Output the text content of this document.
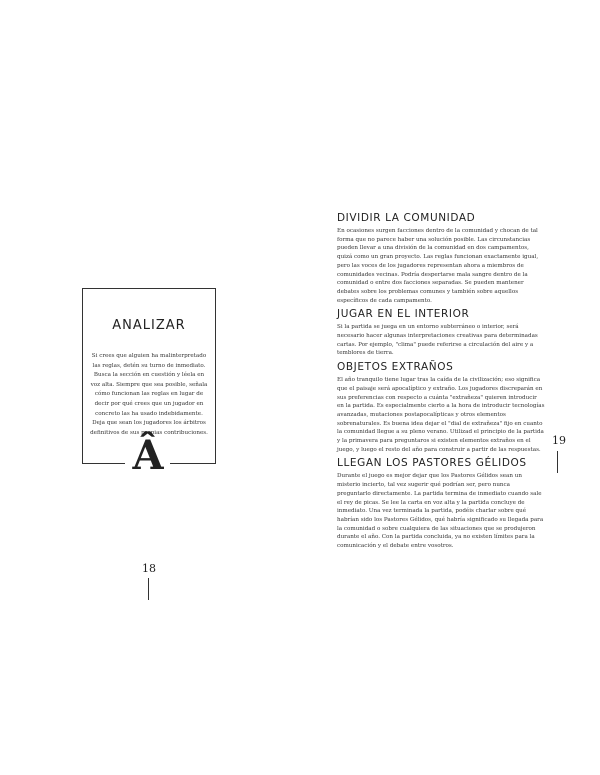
ANALIZAR
Si crees que alguien ha malinterpretado las reglas, detén su turno de inmediato. Busca la sección en cuestión y léela en voz alta. Siempre que sea posible, señala cómo funcionan las reglas en lugar de decir por qué crees que un jugador en concreto las ha usado indebidamente. Deja que sean los jugadores los árbitros definitivos de sus propias contribuciones.
Â
18
DIVIDIR LA COMUNIDAD

En ocasiones surgen facciones dentro de la comunidad y chocan de tal forma que no parece haber una solución posible. Las circunstancias pueden llevar a una división de la comunidad en dos campamentos, quizá como un gran proyecto. Las reglas funcionan exactamente igual, pero las voces de los jugadores representan ahora a miembros de comunidades vecinas. Podría despertarse mala sangre dentro de la comunidad o entre dos facciones separadas. Se pueden mantener debates sobre los problemas comunes y también sobre aquellos específicos de cada campamento.

JUGAR EN EL INTERIOR

Si la partida se juega en un entorno subterráneo o interior, será necesario hacer algunas interpretaciones creativas para determinadas cartas. Por ejemplo, "clima" puede referirse a circulación del aire y a temblores de tierra.

OBJETOS EXTRAÑOS

El año tranquilo tiene lugar tras la caída de la civilización; eso significa que el paisaje será apocalíptico y extraño. Los jugadores discreparán en sus preferencias con respecto a cuánta "extrañeza" quieren introducir en la partida. Es especialmente cierto a la hora de introducir tecnologías avanzadas, mutaciones postapocalípticas y otros elementos sobrenaturales. Es buena idea dejar el "dial de extrañeza" fijo en cuanto la comunidad llegue a su pleno verano. Utilizad el principio de la partida y la primavera para preguntaros si existen elementos extraños en el juego, y luego el resto del año para construir a partir de las respuestas.

LLEGAN LOS PASTORES GÉLIDOS

Durante el juego es mejor dejar que los Pastores Gélidos sean un misterio incierto, tal vez sugerir qué podrían ser, pero nunca preguntarlo directamente. La partida termina de inmediato cuando sale el rey de picas. Se lee la carta en voz alta y la partida concluye de inmediato. Una vez terminada la partida, podéis charlar sobre qué habrían sido los Pastores Gélidos, qué habría significado su llegada para la comunidad o sobre cualquiera de las situaciones que se produjeron durante el año. Con la partida concluida, ya no existen límites para la comunicación y el debate entre vosotros.

19
